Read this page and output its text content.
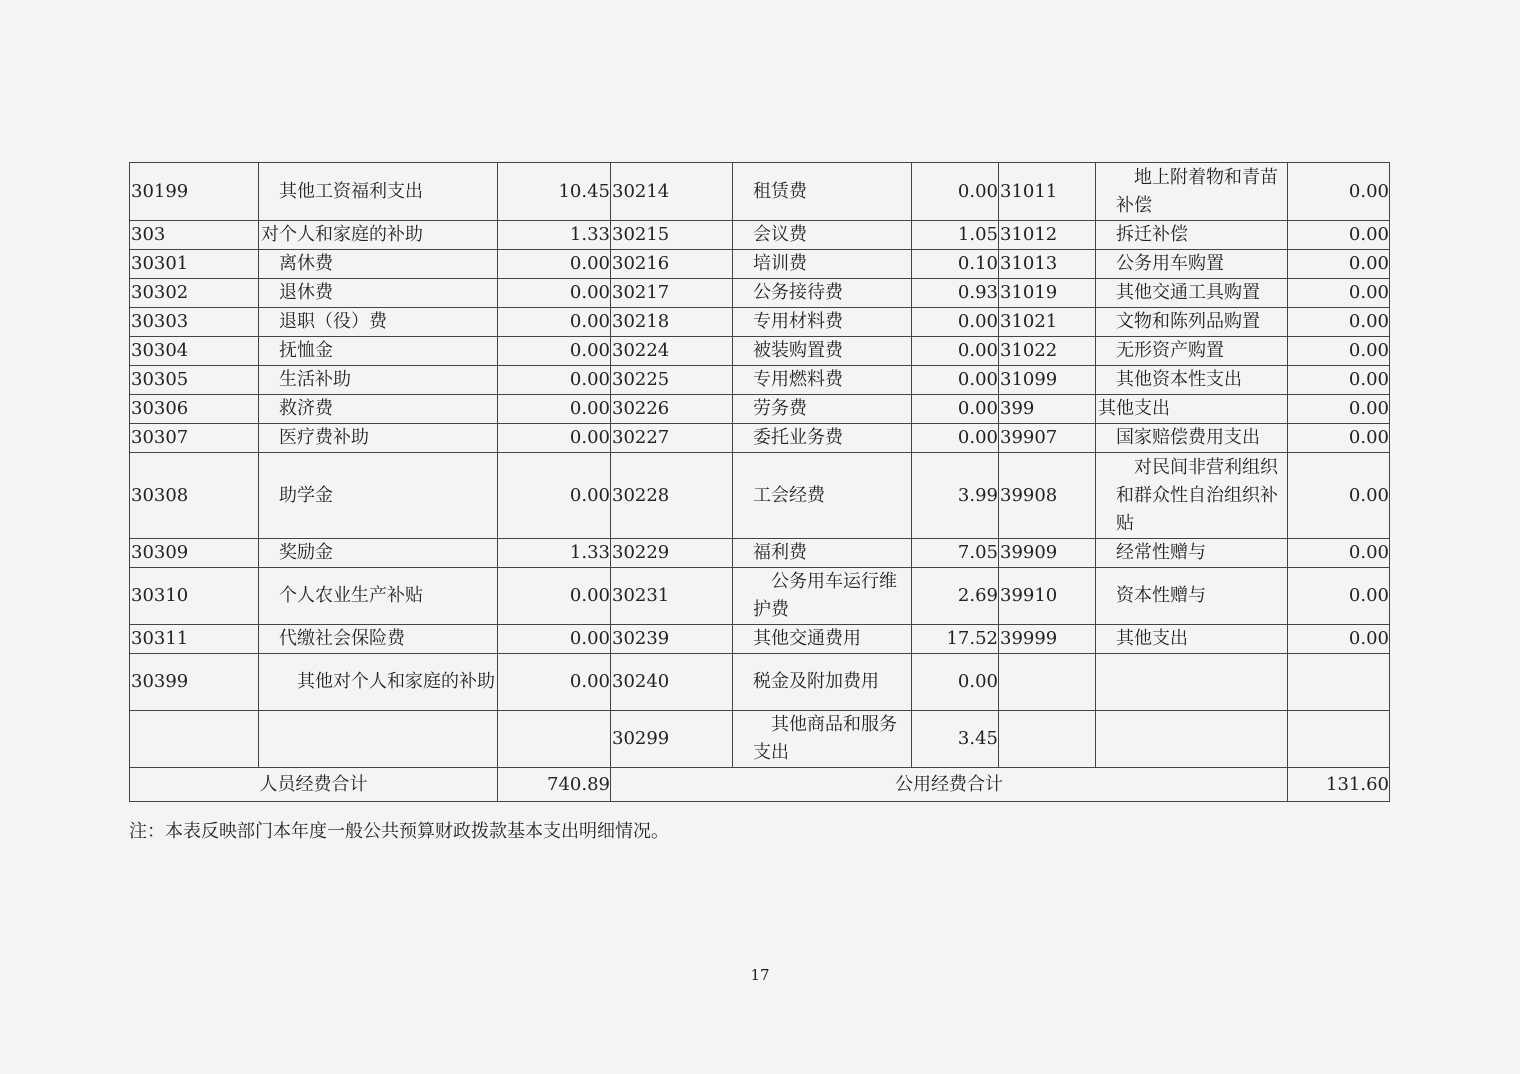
30199	其他工资福利支出	10.45	30214	租赁费	0.00	31011	地上附着物和青苗补偿	0.00
303	对个人和家庭的补助	1.33	30215	会议费	1.05	31012	拆迁补偿	0.00
30301	离休费	0.00	30216	培训费	0.10	31013	公务用车购置	0.00
30302	退休费	0.00	30217	公务接待费	0.93	31019	其他交通工具购置	0.00
30303	退职（役）费	0.00	30218	专用材料费	0.00	31021	文物和陈列品购置	0.00
30304	抚恤金	0.00	30224	被装购置费	0.00	31022	无形资产购置	0.00
30305	生活补助	0.00	30225	专用燃料费	0.00	31099	其他资本性支出	0.00
30306	救济费	0.00	30226	劳务费	0.00	399	其他支出	0.00
30307	医疗费补助	0.00	30227	委托业务费	0.00	39907	国家赔偿费用支出	0.00
30308	助学金	0.00	30228	工会经费	3.99	39908	对民间非营利组织和群众性自治组织补贴	0.00
30309	奖励金	1.33	30229	福利费	7.05	39909	经常性赠与	0.00
30310	个人农业生产补贴	0.00	30231	公务用车运行维护费	2.69	39910	资本性赠与	0.00
30311	代缴社会保险费	0.00	30239	其他交通费用	17.52	39999	其他支出	0.00
30399	其他对个人和家庭的补助	0.00	30240	税金及附加费用	0.00			
			30299	其他商品和服务支出	3.45			
人员经费合计		740.89	公用经费合计					131.60
注：本表反映部门本年度一般公共预算财政拨款基本支出明细情况。
17
